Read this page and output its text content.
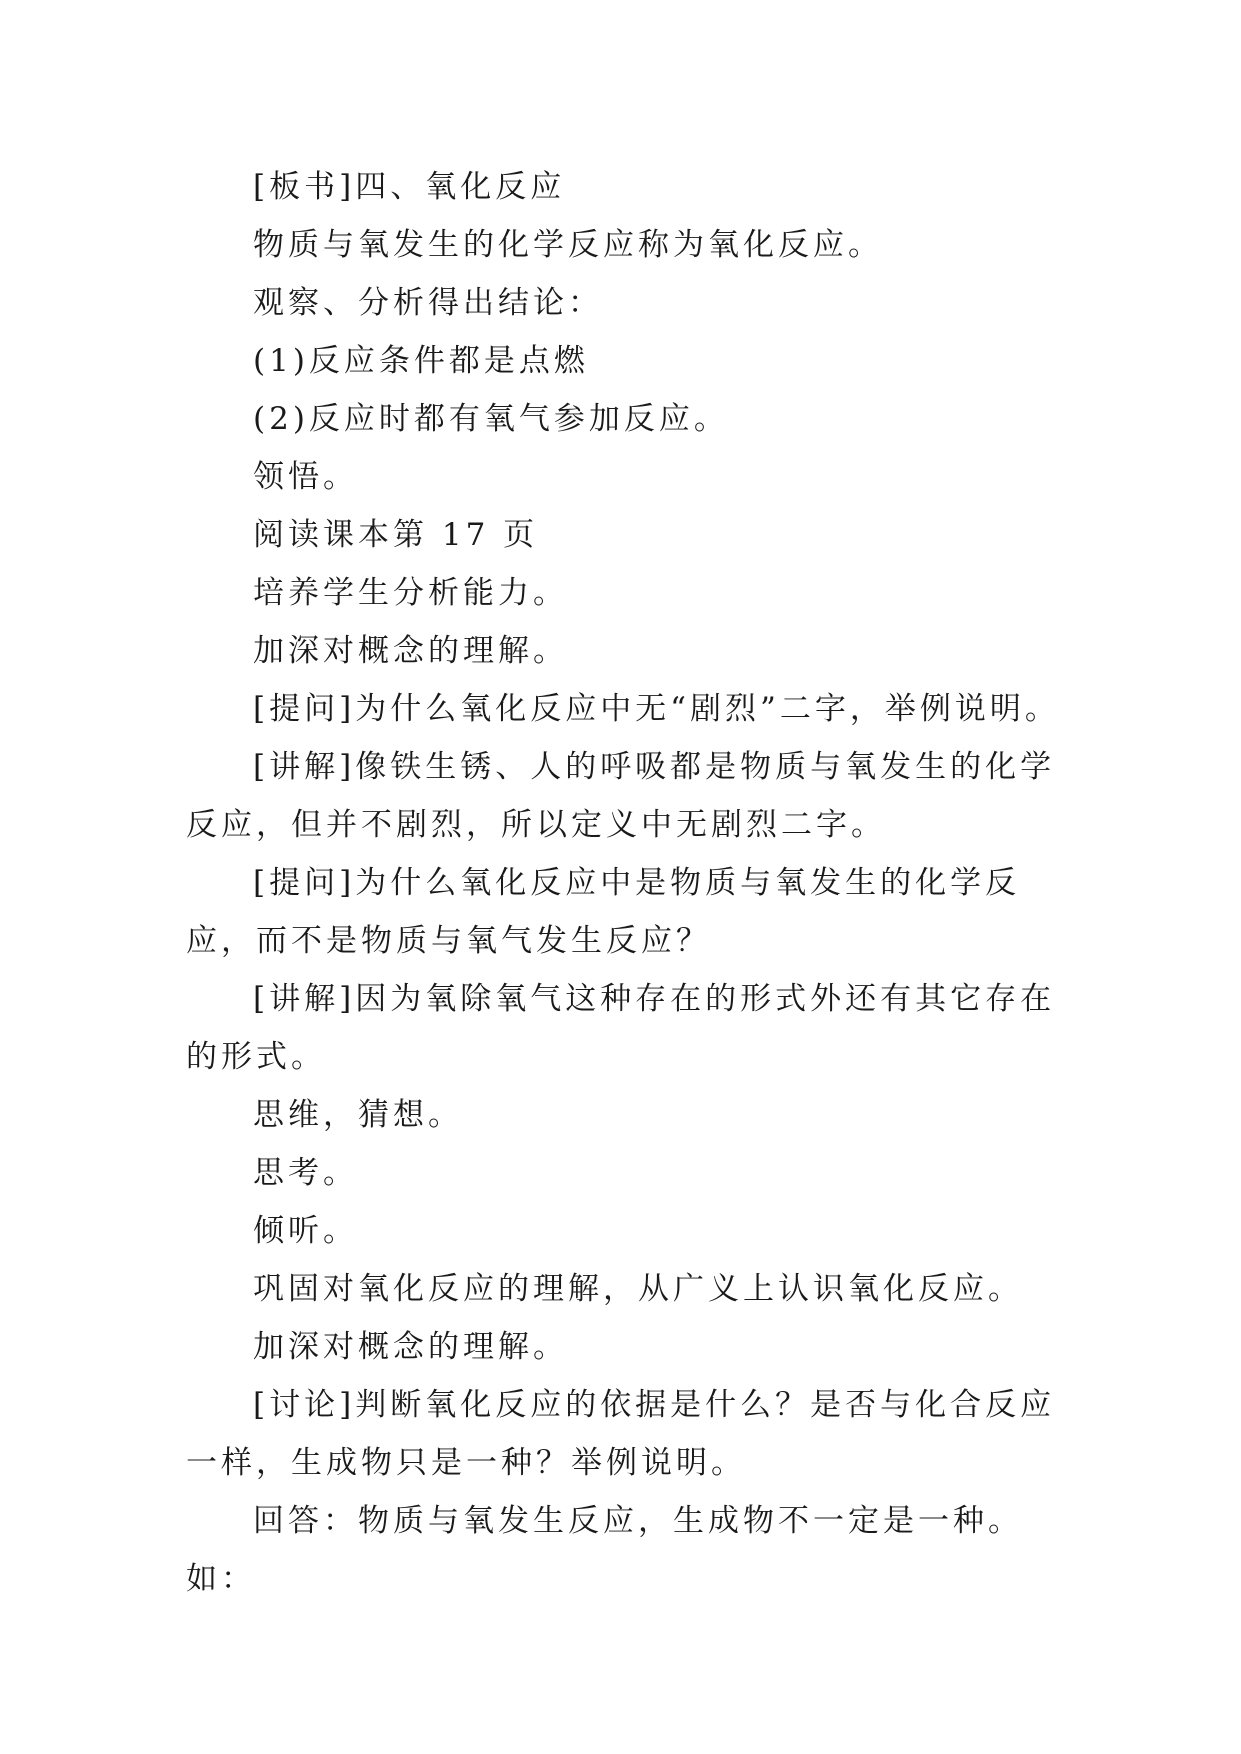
[板书]四、氧化反应

物质与氧发生的化学反应称为氧化反应。

观察、分析得出结论：

(1)反应条件都是点燃

(2)反应时都有氧气参加反应。

领悟。

阅读课本第 17 页

培养学生分析能力。

加深对概念的理解。

[提问]为什么氧化反应中无“剧烈”二字，举例说明。

[讲解]像铁生锈、人的呼吸都是物质与氧发生的化学反应，但并不剧烈，所以定义中无剧烈二字。

[提问]为什么氧化反应中是物质与氧发生的化学反应，而不是物质与氧气发生反应？

[讲解]因为氧除氧气这种存在的形式外还有其它存在的形式。

思维，猜想。

思考。

倾听。

巩固对氧化反应的理解，从广义上认识氧化反应。

加深对概念的理解。

[讨论]判断氧化反应的依据是什么？是否与化合反应一样，生成物只是一种？举例说明。

回答：物质与氧发生反应，生成物不一定是一种。如：
